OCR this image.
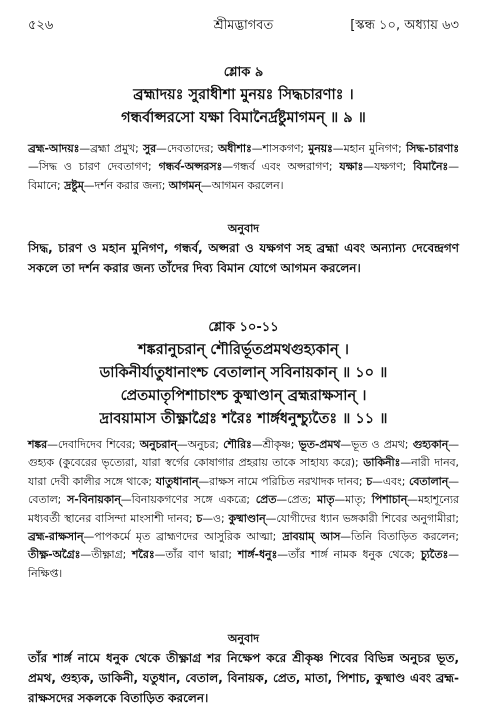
৫২৬	শ্রীমদ্ভাগবত	[স্কন্ধ ১০, অধ্যায় ৬৩
শ্লোক ৯
ব্রহ্মাদয়ঃ সুরাধীশা মুনয়ঃ সিদ্ধচারণাঃ ।
গন্ধর্বাপ্সরসো যক্ষা বিমানৈর্দ্রষ্টুমাগমন্ ॥ ৯ ॥
ব্রহ্ম-আদয়ঃ—ব্রহ্মা প্রমুখ; সুর—দেবতাদের; অধীশাঃ—শাসকগণ; মুনয়ঃ—মহান মুনিগণ; সিদ্ধ-চারণাঃ—সিদ্ধ ও চারণ দেবতাগণ; গন্ধর্ব-অপ্সরসঃ—গন্ধর্ব এবং অপ্সরাগণ; যক্ষাঃ—যক্ষগণ; বিমানৈঃ—বিমানে; দ্রষ্টুম্—দর্শন করার জন্য; আগমন্—আগমন করলেন।
অনুবাদ
সিদ্ধ, চারণ ও মহান মুনিগণ, গন্ধর্ব, অপ্সরা ও যক্ষগণ সহ ব্রহ্মা এবং অন্যান্য দেবেন্দ্রগণ সকলে তা দর্শন করার জন্য তাঁদের দিব্য বিমান যোগে আগমন করলেন।
শ্লোক ১০-১১
শঙ্করানুচরান্ শৌরির্ভূতপ্রমথগুহ্যকান্ ।
ডাকিনীর্যাতুধানাংশ্চ বেতালান্ সবিনায়কান্ ॥ ১০ ॥
প্রেতমাতৃপিশাচাংশ্চ কুষ্মাণ্ডান্ ব্রহ্মরাক্ষসান্ ।
দ্রাবয়ামাস তীক্ষ্ণাগ্রৈঃ শরৈঃ শার্ঙ্গধনুশ্চ্যুতৈঃ ॥ ১১ ॥
শঙ্কর—দেবাদিদেব শিবের; অনুচরান্—অনুচর; শৌরিঃ—শ্রীকৃষ্ণ; ভূত-প্রমথ—ভূত ও প্রমথ; গুহ্যকান্—গুহ্যক (কুবেরের ভৃত্যেরা, যারা স্বর্গের কোষাগার প্রহরায় তাকে সাহায্য করে); ডাকিনীঃ—নারী দানব, যারা দেবী কালীর সঙ্গে থাকে; যাতুধানান্—রাক্ষস নামে পরিচিত নরখাদক দানব; চ—এবং; বেতালান্—বেতাল; স-বিনায়কান্—বিনায়কগণের সঙ্গে একত্রে; প্রেত—প্রেত; মাতৃ—মাতৃ; পিশাচান্—মহাশূন্যের মধ্যবর্তী স্থানের বাসিন্দা মাংসাশী দানব; চ—ও; কুষ্মাণ্ডান্—যোগীদের ধ্যান ভঙ্গকারী শিবের অনুগামীরা; ব্রহ্ম-রাক্ষসান্—পাপকর্মে মৃত ব্রাহ্মণদের আসুরিক আত্মা; দ্রাবয়াম্ আস—তিনি বিতাড়িত করলেন; তীক্ষ্ণ-অগ্রৈঃ—তীক্ষ্ণাগ্র; শরৈঃ—তাঁর বাণ দ্বারা; শার্ঙ্গ-ধনুঃ—তাঁর শার্ঙ্গ নামক ধনুক থেকে; চ্যুতৈঃ—নিক্ষিপ্ত।
অনুবাদ
তাঁর শার্ঙ্গ নামে ধনুক থেকে তীক্ষ্ণাগ্র শর নিক্ষেপ করে শ্রীকৃষ্ণ শিবের বিভিন্ন অনুচর ভূত, প্রমথ, গুহ্যক, ডাকিনী, যতুধান, বেতাল, বিনায়ক, প্রেত, মাতা, পিশাচ, কুষ্মাণ্ড এবং ব্রহ্ম-রাক্ষসদের সকলকে বিতাড়িত করলেন।
